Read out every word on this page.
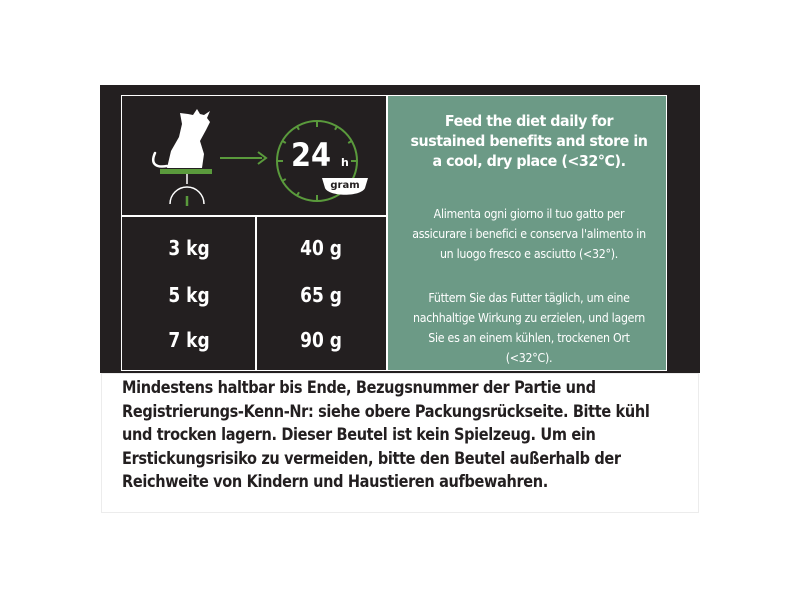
24 h
gram
3 kg	40 g
5 kg	65 g
7 kg	90 g
Feed the diet daily for sustained benefits and store in a cool, dry place (<32°C).
Alimenta ogni giorno il tuo gatto per assicurare i benefici e conserva l'alimento in un luogo fresco e asciutto (<32°).
Füttern Sie das Futter täglich, um eine nachhaltige Wirkung zu erzielen, und lagern Sie es an einem kühlen, trockenen Ort (<32°C).
Mindestens haltbar bis Ende, Bezugsnummer der Partie und Registrierungs-Kenn-Nr: siehe obere Packungsrückseite. Bitte kühl und trocken lagern. Dieser Beutel ist kein Spielzeug. Um ein Erstickungsrisiko zu vermeiden, bitte den Beutel außerhalb der Reichweite von Kindern und Haustieren aufbewahren.
